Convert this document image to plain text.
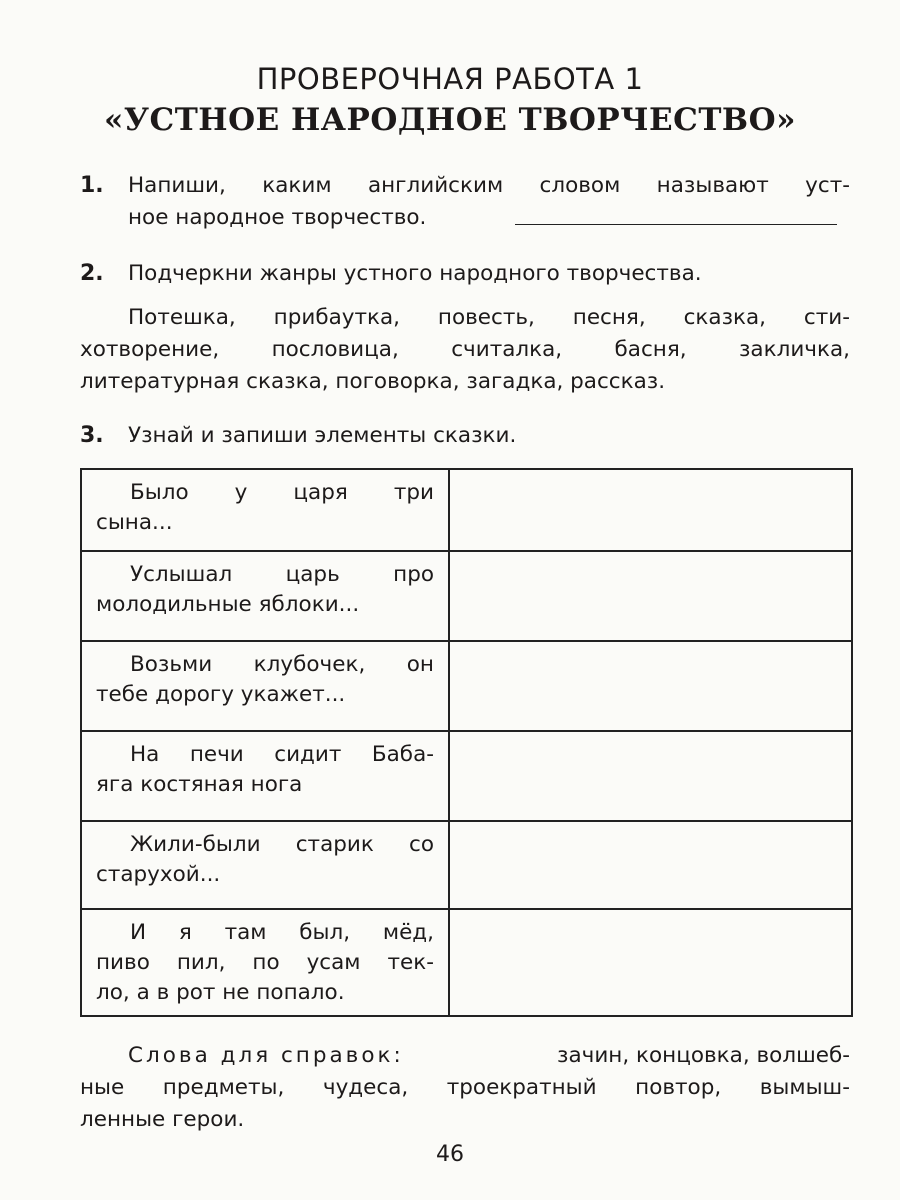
ПРОВЕРОЧНАЯ РАБОТА 1
«УСТНОЕ НАРОДНОЕ ТВОРЧЕСТВО»
1. Напиши, каким английским словом называют уст-
ное народное творчество.
2. Подчеркни жанры устного народного творчества.
Потешка, прибаутка, повесть, песня, сказка, сти-
хотворение, пословица, считалка, басня, закличка,
литературная сказка, поговорка, загадка, рассказ.
3. Узнай и запиши элементы сказки.
Было у царя три
сына...	

Услышал царь про
молодильные яблоки...	

Возьми клубочек, он
тебе дорогу укажет...	

На печи сидит Баба-
яга костяная нога	

Жили-были старик со
старухой...	

И я там был, мёд,
пиво пил, по усам тек-
ло, а в рот не попало.	

Слова для справок:	зачин, концовка, волшеб-
ные предметы, чудеса, троекратный повтор, вымыш-
ленные герои.
46
